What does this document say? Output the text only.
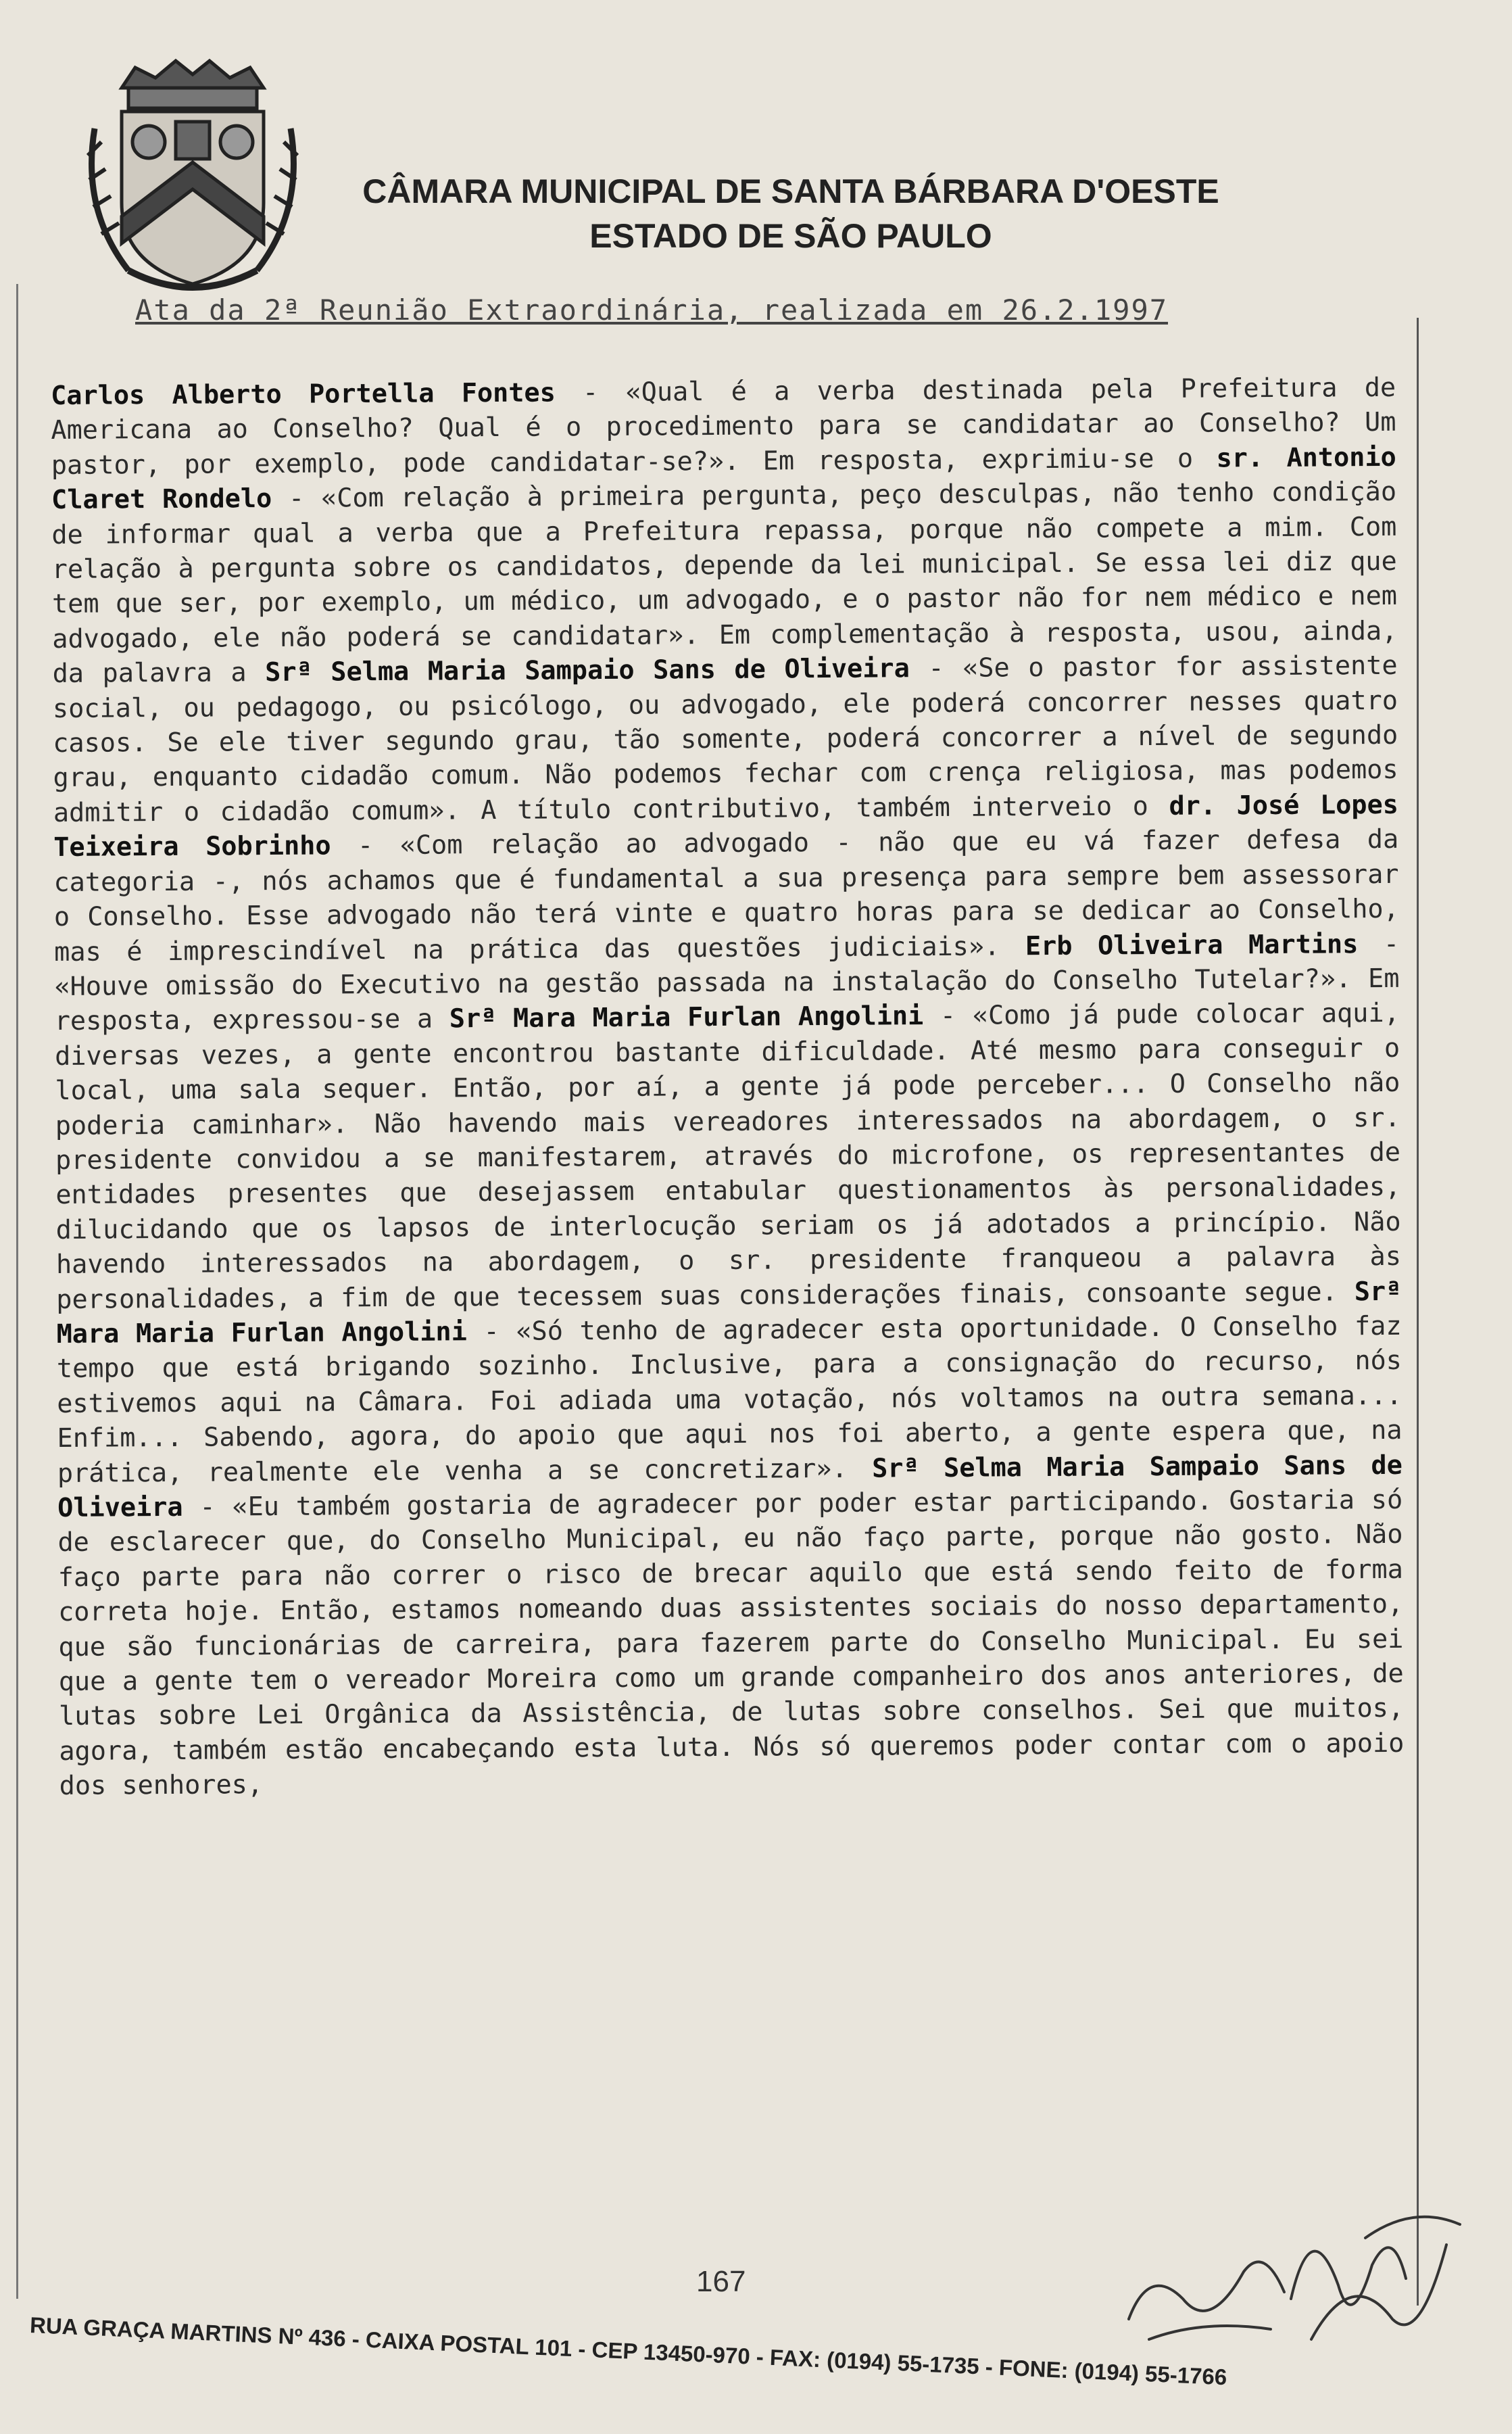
CÂMARA MUNICIPAL DE SANTA BÁRBARA D'OESTE
ESTADO DE SÃO PAULO
Ata da 2ª Reunião Extraordinária, realizada em 26.2.1997
Carlos Alberto Portella Fontes - «Qual é a verba destinada pela Prefeitura de Americana ao Conselho? Qual é o procedimento para se candidatar ao Conselho? Um pastor, por exemplo, pode candidatar-se?». Em resposta, exprimiu-se o sr. Antonio Claret Rondelo - «Com relação à primeira pergunta, peço desculpas, não tenho condição de informar qual a verba que a Prefeitura repassa, porque não compete a mim. Com relação à pergunta sobre os candidatos, depende da lei municipal. Se essa lei diz que tem que ser, por exemplo, um médico, um advogado, e o pastor não for nem médico e nem advogado, ele não poderá se candidatar». Em complementação à resposta, usou, ainda, da palavra a Srª Selma Maria Sampaio Sans de Oliveira - «Se o pastor for assistente social, ou pedagogo, ou psicólogo, ou advogado, ele poderá concorrer nesses quatro casos. Se ele tiver segundo grau, tão somente, poderá concorrer a nível de segundo grau, enquanto cidadão comum. Não podemos fechar com crença religiosa, mas podemos admitir o cidadão comum». A título contributivo, também interveio o dr. José Lopes Teixeira Sobrinho - «Com relação ao advogado - não que eu vá fazer defesa da categoria -, nós achamos que é fundamental a sua presença para sempre bem assessorar o Conselho. Esse advogado não terá vinte e quatro horas para se dedicar ao Conselho, mas é imprescindível na prática das questões judiciais». Erb Oliveira Martins - «Houve omissão do Executivo na gestão passada na instalação do Conselho Tutelar?». Em resposta, expressou-se a Srª Mara Maria Furlan Angolini - «Como já pude colocar aqui, diversas vezes, a gente encontrou bastante dificuldade. Até mesmo para conseguir o local, uma sala sequer. Então, por aí, a gente já pode perceber... O Conselho não poderia caminhar». Não havendo mais vereadores interessados na abordagem, o sr. presidente convidou a se manifestarem, através do microfone, os representantes de entidades presentes que desejassem entabular questionamentos às personalidades, dilucidando que os lapsos de interlocução seriam os já adotados a princípio. Não havendo interessados na abordagem, o sr. presidente franqueou a palavra às personalidades, a fim de que tecessem suas considerações finais, consoante segue. Srª Mara Maria Furlan Angolini - «Só tenho de agradecer esta oportunidade. O Conselho faz tempo que está brigando sozinho. Inclusive, para a consignação do recurso, nós estivemos aqui na Câmara. Foi adiada uma votação, nós voltamos na outra semana... Enfim... Sabendo, agora, do apoio que aqui nos foi aberto, a gente espera que, na prática, realmente ele venha a se concretizar». Srª Selma Maria Sampaio Sans de Oliveira - «Eu também gostaria de agradecer por poder estar participando. Gostaria só de esclarecer que, do Conselho Municipal, eu não faço parte, porque não gosto. Não faço parte para não correr o risco de brecar aquilo que está sendo feito de forma correta hoje. Então, estamos nomeando duas assistentes sociais do nosso departamento, que são funcionárias de carreira, para fazerem parte do Conselho Municipal. Eu sei que a gente tem o vereador Moreira como um grande companheiro dos anos anteriores, de lutas sobre Lei Orgânica da Assistência, de lutas sobre conselhos. Sei que muitos, agora, também estão encabeçando esta luta. Nós só queremos poder contar com o apoio dos senhores,
167
RUA GRAÇA MARTINS Nº 436 - CAIXA POSTAL 101 - CEP 13450-970 - FAX: (0194) 55-1735 - FONE: (0194) 55-1766
